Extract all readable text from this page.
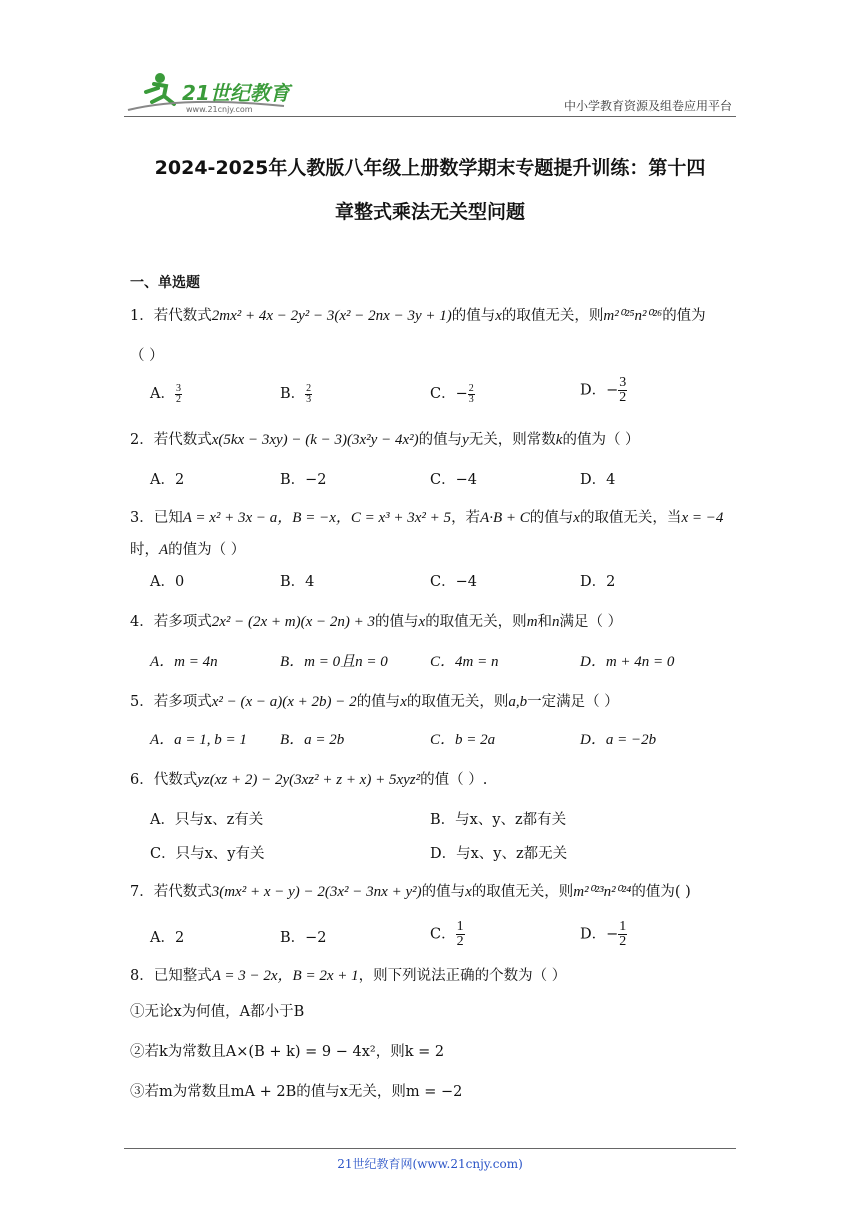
21世纪教育
www.21cnjy.com	中小学教育资源及组卷应用平台
2024-2025年人教版八年级上册数学期末专题提升训练：第十四
章整式乘法无关型问题
一、单选题
1．若代数式2mx² + 4x − 2y² − 3(x² − 2nx − 3y + 1)的值与x的取值无关，则m²⁰²⁵n²⁰²⁶的值为
（ ）
A． $\frac{3}{2}$	B． $\frac{2}{3}$	C．− $\frac{2}{3}$	D．− $\frac{3}{2}$
2．若代数式x(5kx − 3xy) − (k − 3)(3x²y − 4x²)的值与y无关，则常数k的值为（ ）
A．2	B．−2	C．−4	D．4
3．已知A = x² + 3x − a，B = −x，C = x³ + 3x² + 5，若A·B + C的值与x的取值无关，当x = −4
时，A的值为（ ）
A．0	B．4	C．−4	D．2
4．若多项式2x² − (2x + m)(x − 2n) + 3的值与x的取值无关，则m和n满足（ ）
A．m = 4n	B．m = 0且n = 0	C．4m = n	D．m + 4n = 0
5．若多项式x² − (x − a)(x + 2b) − 2的值与x的取值无关，则a,b一定满足（ ）
A．a = 1, b = 1 B．a = 2b	C．b = 2a	D．a = −2b
6．代数式yz(xz + 2) − 2y(3xz² + z + x) + 5xyz²的值（ ）.
A．只与x、z有关	B．与x、y、z都有关
C．只与x、y有关	D．与x、y、z都无关
7．若代数式3(mx² + x − y) − 2(3x² − 3nx + y²)的值与x的取值无关，则m²⁰²³n²⁰²⁴的值为( )
A．2	B．−2	C． $\frac{1}{2}$	D．− $\frac{1}{2}$
8．已知整式A = 3 − 2x，B = 2x + 1，则下列说法正确的个数为（ ）
①无论x为何值，A都小于B
②若k为常数且A×(B + k) = 9 − 4x²，则k = 2
③若m为常数且mA + 2B的值与x无关，则m = −2
21世纪教育网(www.21cnjy.com)
